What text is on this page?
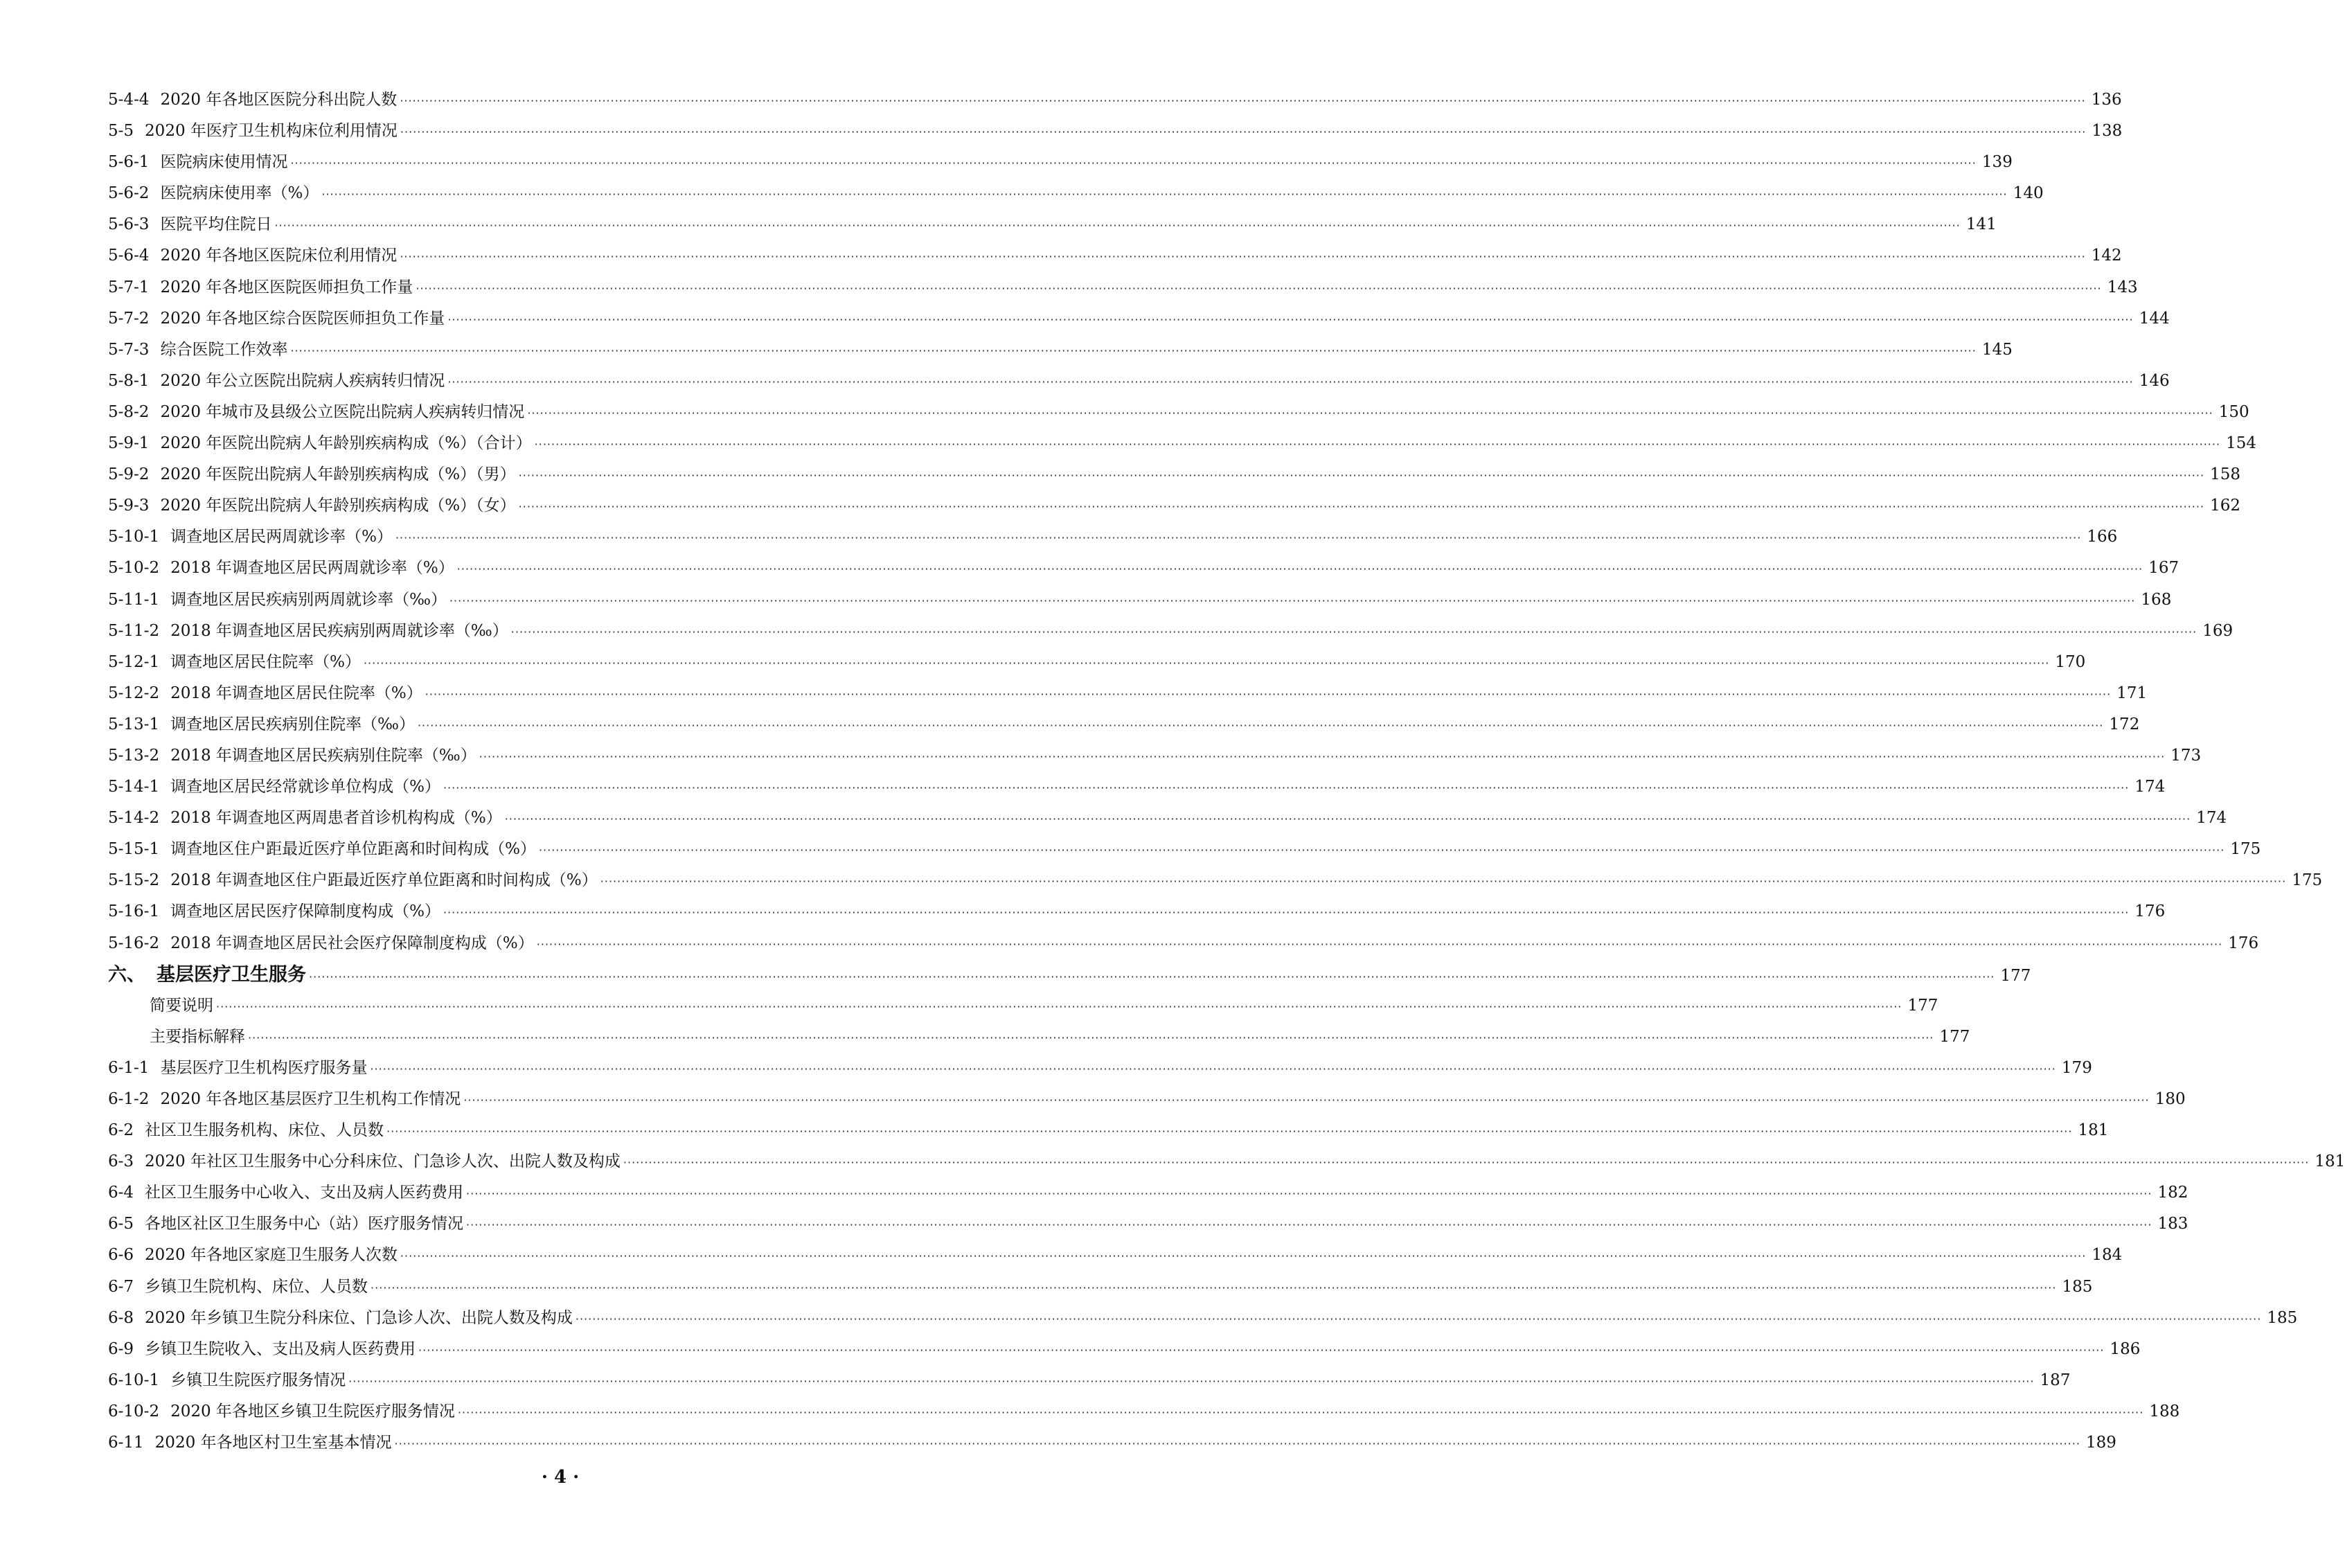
5-4-4 2020 年各地区医院分科出院人数 ················································································································································································································································································································································································································ 136
5-5 2020 年医疗卫生机构床位利用情况 ················································································································································································································································································································································································································ 138
5-6-1 医院病床使用情况 ················································································································································································································································································································································································································ 139
5-6-2 医院病床使用率（%） ················································································································································································································································································································································································································ 140
5-6-3 医院平均住院日 ················································································································································································································································································································································································································ 141
5-6-4 2020 年各地区医院床位利用情况 ················································································································································································································································································································································································································ 142
5-7-1 2020 年各地区医院医师担负工作量 ················································································································································································································································································································································································································ 143
5-7-2 2020 年各地区综合医院医师担负工作量 ················································································································································································································································································································································································································ 144
5-7-3 综合医院工作效率 ················································································································································································································································································································································································································ 145
5-8-1 2020 年公立医院出院病人疾病转归情况 ················································································································································································································································································································································································································ 146
5-8-2 2020 年城市及县级公立医院出院病人疾病转归情况 ················································································································································································································································································································································································································ 150
5-9-1 2020 年医院出院病人年龄别疾病构成（%）（合计） ················································································································································································································································································································································································································ 154
5-9-2 2020 年医院出院病人年龄别疾病构成（%）（男） ················································································································································································································································································································································································································ 158
5-9-3 2020 年医院出院病人年龄别疾病构成（%）（女） ················································································································································································································································································································································································································ 162
5-10-1 调查地区居民两周就诊率（%） ················································································································································································································································································································································································································ 166
5-10-2 2018 年调查地区居民两周就诊率（%） ················································································································································································································································································································································································································ 167
5-11-1 调查地区居民疾病别两周就诊率（‰） ················································································································································································································································································································································································································ 168
5-11-2 2018 年调查地区居民疾病别两周就诊率（‰） ················································································································································································································································································································································································································ 169
5-12-1 调查地区居民住院率（%） ················································································································································································································································································································································································································ 170
5-12-2 2018 年调查地区居民住院率（%） ················································································································································································································································································································································································································ 171
5-13-1 调查地区居民疾病别住院率（‰） ················································································································································································································································································································································································································ 172
5-13-2 2018 年调查地区居民疾病别住院率（‰） ················································································································································································································································································································································································································ 173
5-14-1 调查地区居民经常就诊单位构成（%） ················································································································································································································································································································································································································ 174
5-14-2 2018 年调查地区两周患者首诊机构构成（%） ················································································································································································································································································································································································································ 174
5-15-1 调查地区住户距最近医疗单位距离和时间构成（%） ················································································································································································································································································································································································································ 175
5-15-2 2018 年调查地区住户距最近医疗单位距离和时间构成（%） ················································································································································································································································································································································································································ 175
5-16-1 调查地区居民医疗保障制度构成（%） ················································································································································································································································································································································································································ 176
5-16-2 2018 年调查地区居民社会医疗保障制度构成（%） ················································································································································································································································································································································································································ 176
六、 基层医疗卫生服务 ················································································································································································································································································································································································································ 177
简要说明 ················································································································································································································································································································································································································ 177
主要指标解释 ················································································································································································································································································································································································································ 177
6-1-1 基层医疗卫生机构医疗服务量 ················································································································································································································································································································································································································ 179
6-1-2 2020 年各地区基层医疗卫生机构工作情况 ················································································································································································································································································································································································································ 180
6-2 社区卫生服务机构、床位、人员数 ················································································································································································································································································································································································································ 181
6-3 2020 年社区卫生服务中心分科床位、门急诊人次、出院人数及构成 ················································································································································································································································································································································································································ 181
6-4 社区卫生服务中心收入、支出及病人医药费用 ················································································································································································································································································································································································································ 182
6-5 各地区社区卫生服务中心（站）医疗服务情况 ················································································································································································································································································································································································································ 183
6-6 2020 年各地区家庭卫生服务人次数 ················································································································································································································································································································································································································ 184
6-7 乡镇卫生院机构、床位、人员数 ················································································································································································································································································································································································································ 185
6-8 2020 年乡镇卫生院分科床位、门急诊人次、出院人数及构成 ················································································································································································································································································································································································································ 185
6-9 乡镇卫生院收入、支出及病人医药费用 ················································································································································································································································································································································································································ 186
6-10-1 乡镇卫生院医疗服务情况 ················································································································································································································································································································································································································ 187
6-10-2 2020 年各地区乡镇卫生院医疗服务情况 ················································································································································································································································································································································································································ 188
6-11 2020 年各地区村卫生室基本情况 ················································································································································································································································································································································································································ 189
· 4 ·
